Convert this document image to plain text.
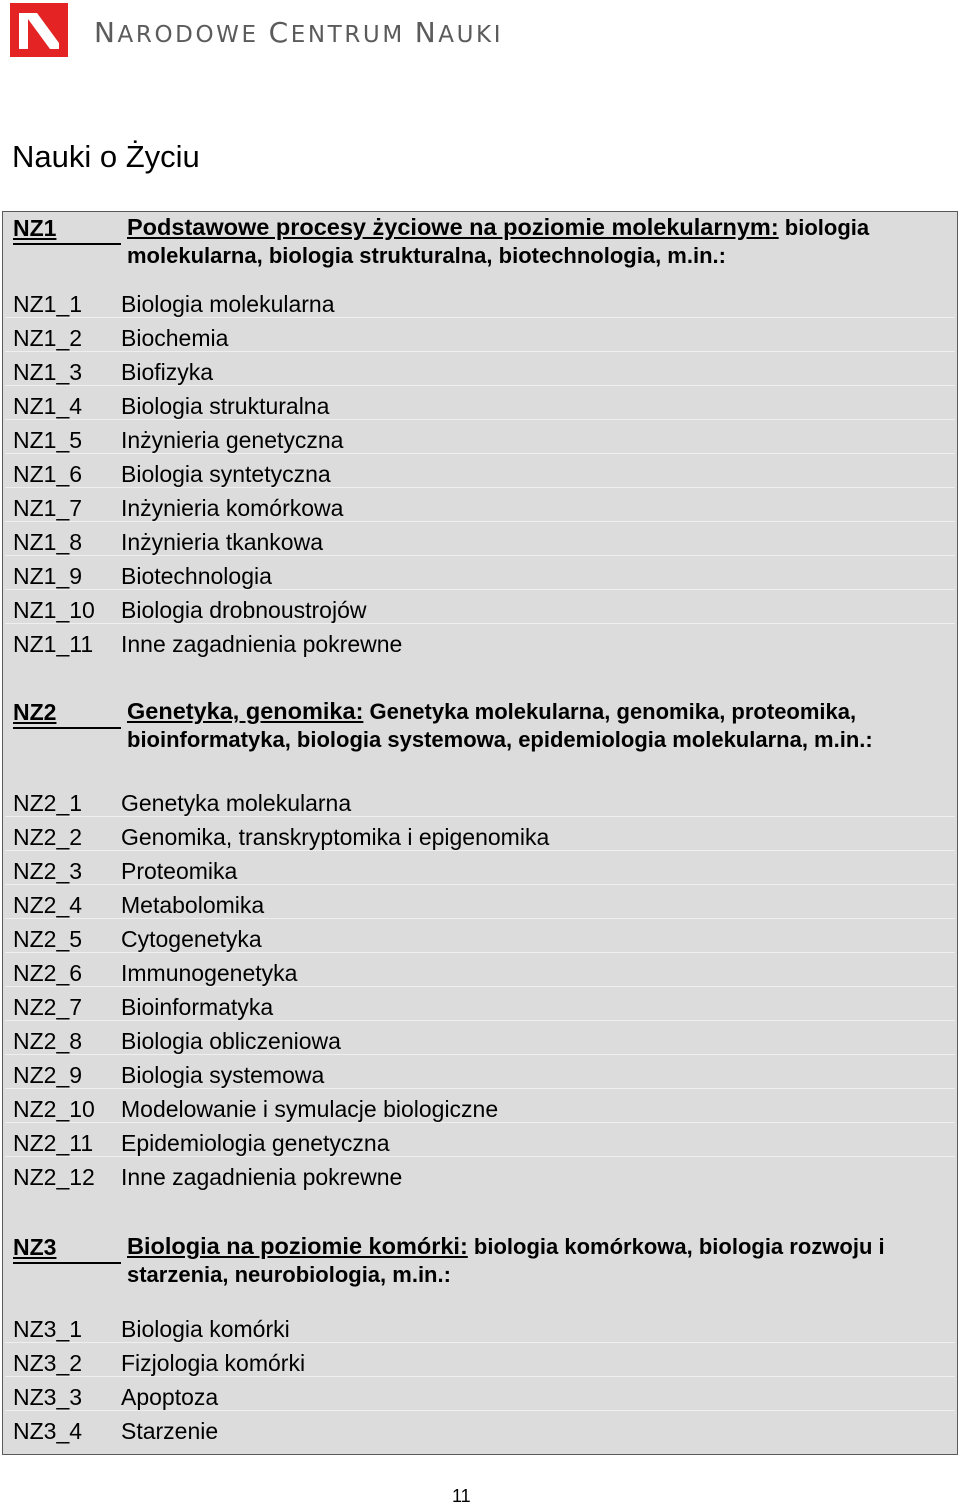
NARODOWE CENTRUM NAUKI
Nauki o Życiu
NZ1	Podstawowe procesy życiowe na poziomie molekularnym: biologia molekularna, biologia strukturalna, biotechnologia, m.in.:
NZ1_1 Biologia molekularna
NZ1_2 Biochemia
NZ1_3 Biofizyka
NZ1_4 Biologia strukturalna
NZ1_5 Inżynieria genetyczna
NZ1_6 Biologia syntetyczna
NZ1_7 Inżynieria komórkowa
NZ1_8 Inżynieria tkankowa
NZ1_9 Biotechnologia
NZ1_10 Biologia drobnoustrojów
NZ1_11 Inne zagadnienia pokrewne
NZ2	Genetyka, genomika: Genetyka molekularna, genomika, proteomika, bioinformatyka, biologia systemowa, epidemiologia molekularna, m.in.:
NZ2_1 Genetyka molekularna
NZ2_2 Genomika, transkryptomika i epigenomika
NZ2_3 Proteomika
NZ2_4 Metabolomika
NZ2_5 Cytogenetyka
NZ2_6 Immunogenetyka
NZ2_7 Bioinformatyka
NZ2_8 Biologia obliczeniowa
NZ2_9 Biologia systemowa
NZ2_10 Modelowanie i symulacje biologiczne
NZ2_11 Epidemiologia genetyczna
NZ2_12 Inne zagadnienia pokrewne
NZ3	Biologia na poziomie komórki: biologia komórkowa, biologia rozwoju i starzenia, neurobiologia, m.in.:
NZ3_1 Biologia komórki
NZ3_2 Fizjologia komórki
NZ3_3 Apoptoza
NZ3_4 Starzenie
11
